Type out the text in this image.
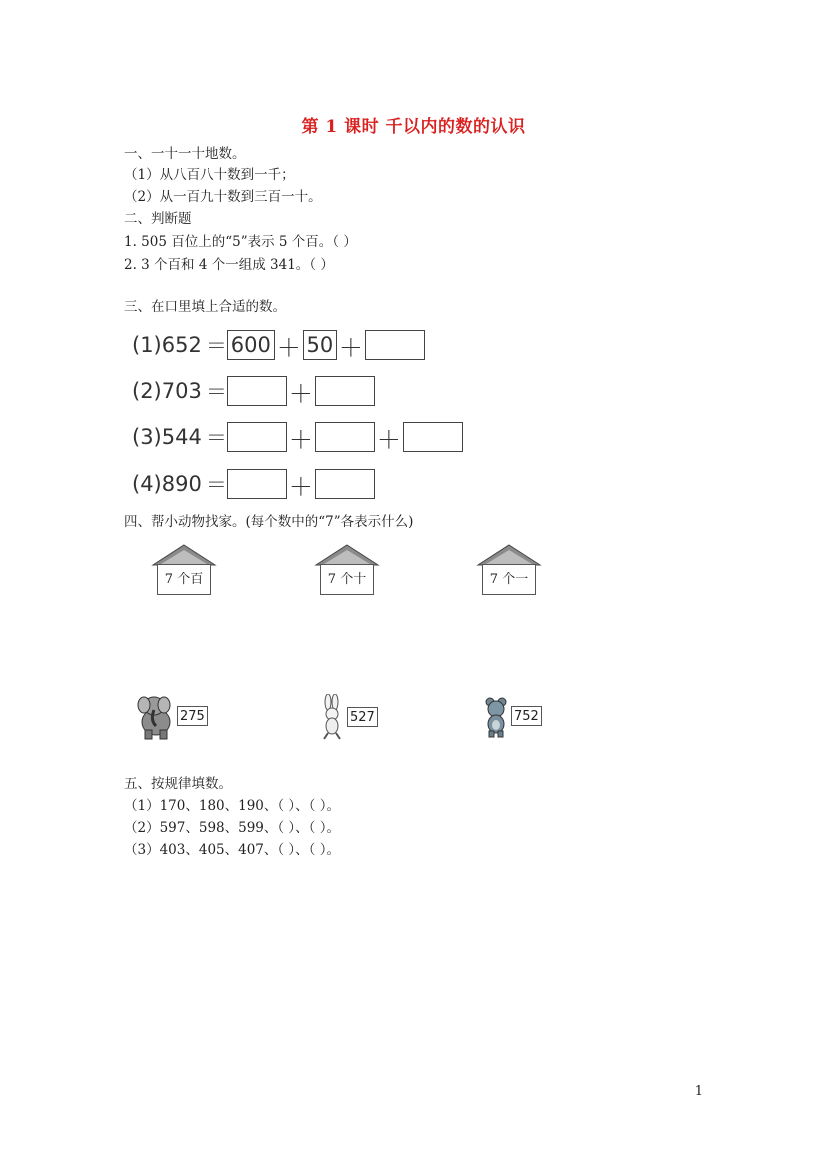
第 1 课时 千以内的数的认识
一、一十一十地数。
（1）从八百八十数到一千；
（2）从一百九十数到三百一十。
二、判断题
1. 505 百位上的“5”表示 5 个百。（ ）
2. 3 个百和 4 个一组成 341。（ ）
三、在口里填上合适的数。
(1)652 ＝ 600 ＋ 50 ＋
(2)703 ＝	＋
(3)544 ＝	＋	＋
(4)890 ＝	＋
四、帮小动物找家。(每个数中的“7”各表示什么)
7 个百	7 个十	7 个一
275	527	752
五、按规律填数。
（1）170、180、190、（ ）、（ ）。
（2）597、598、599、（ ）、（ ）。
（3）403、405、407、（ ）、（ ）。
1
